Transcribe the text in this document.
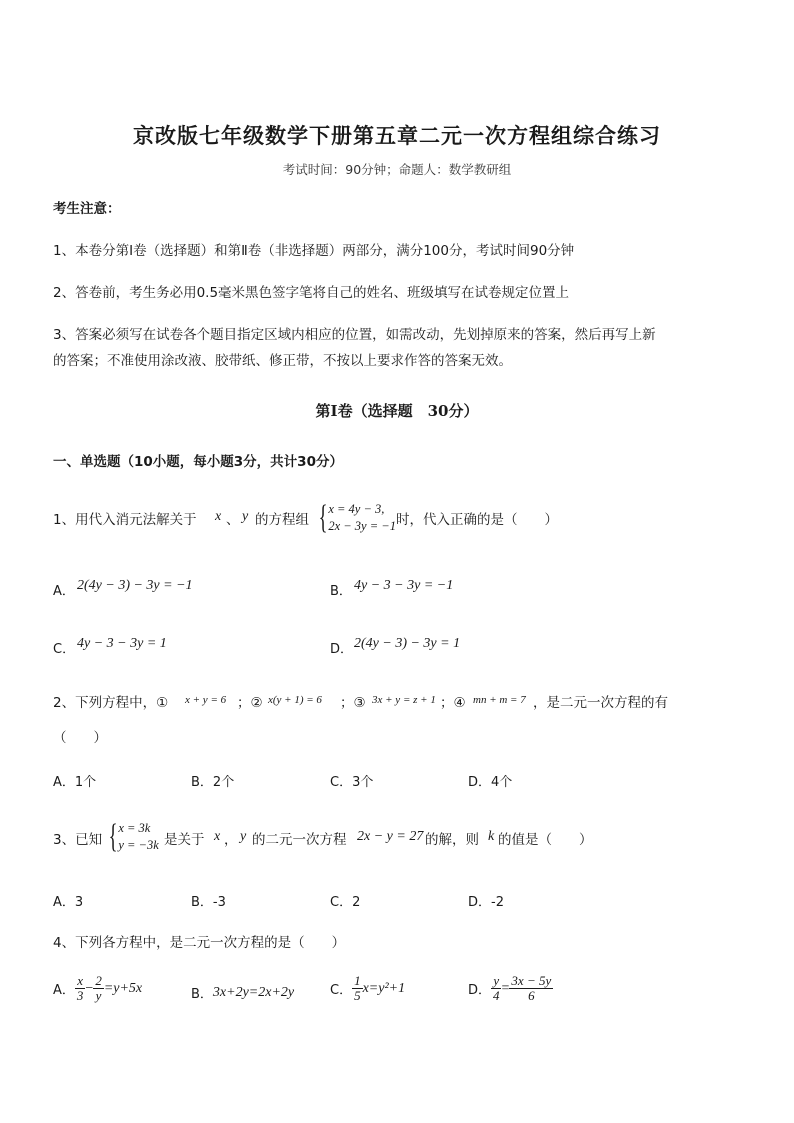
京改版七年级数学下册第五章二元一次方程组综合练习
考试时间：90分钟；命题人：数学教研组
考生注意：
1、本卷分第Ⅰ卷（选择题）和第Ⅱ卷（非选择题）两部分，满分100分，考试时间90分钟
2、答卷前，考生务必用0.5毫米黑色签字笔将自己的姓名、班级填写在试卷规定位置上
3、答案必须写在试卷各个题目指定区域内相应的位置，如需改动，先划掉原来的答案，然后再写上新
的答案；不准使用涂改液、胶带纸、修正带，不按以上要求作答的答案无效。
第Ⅰ卷（选择题　30分）
一、单选题（10小题，每小题3分，共计30分）
1、用代入消元法解关于 x 、 y 的方程组 { x = 4y − 3,
2x − 3y = −1 时，代入正确的是（　　）
A． 2(4y − 3) − 3y = −1	B． 4y − 3 − 3y = −1
C． 4y − 3 − 3y = 1	D． 2(4y − 3) − 3y = 1
2、下列方程中，① x + y = 6 ；② x(y + 1) = 6 ；③ 3x + y = z + 1 ；④ mn + m = 7 ，是二元一次方程的有
（　　）
A．1个	B．2个	C．3个	D．4个
3、已知 { x = 3k
y = −3k 是关于 x ， y 的二元一次方程 2x − y = 27 的解，则 k 的值是（　　）
A．3	B．-3	C．2	D．-2
4、下列各方程中，是二元一次方程的是（　　）
A． $\frac{x}{3} - \frac{2}{y} =y+5x$	B． 3x+2y=2x+2y	C． $\frac{1}{5} x=y^2+1$	D． $\frac{y}{4} = \frac{3x - 5y}{6}$
